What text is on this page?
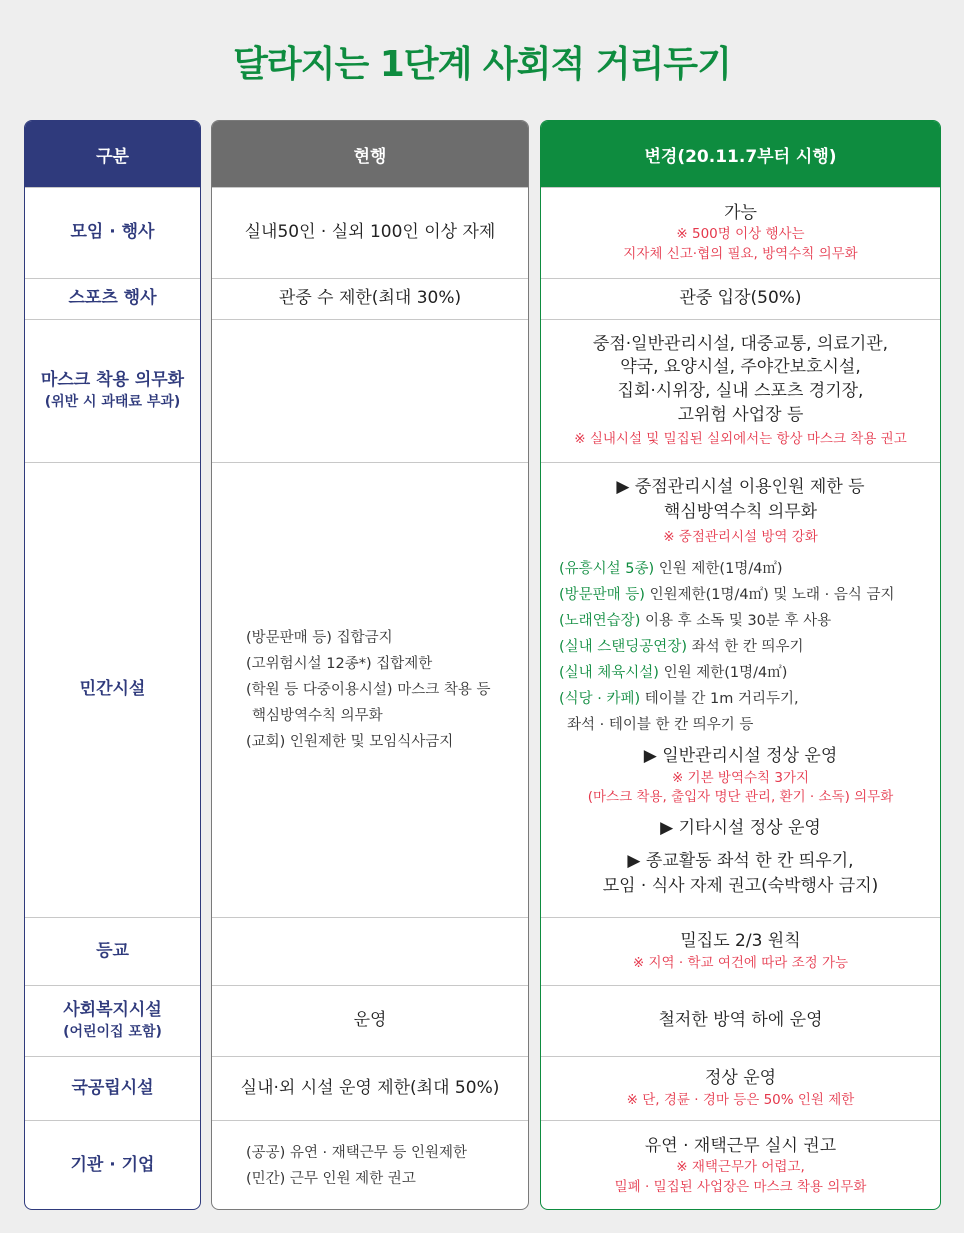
달라지는 1단계 사회적 거리두기
구분
모임 · 행사
스포츠 행사
마스크 착용 의무화
(위반 시 과태료 부과)
민간시설
등교
사회복지시설
(어린이집 포함)
국공립시설
기관 · 기업
현행
실내50인 · 실외 100인 이상 자제
관중 수 제한(최대 30%)
(방문판매 등) 집합금지
(고위험시설 12종*) 집합제한
(학원 등 다중이용시설) 마스크 착용 등
핵심방역수칙 의무화
(교회) 인원제한 및 모임식사금지
운영
실내·외 시설 운영 제한(최대 50%)
(공공) 유연 · 재택근무 등 인원제한
(민간) 근무 인원 제한 권고
변경(20.11.7부터 시행)
가능
※ 500명 이상 행사는
지자체 신고·협의 필요, 방역수칙 의무화
관중 입장(50%)
중점·일반관리시설, 대중교통, 의료기관,
약국, 요양시설, 주야간보호시설,
집회·시위장, 실내 스포츠 경기장,
고위험 사업장 등
※ 실내시설 및 밀집된 실외에서는 항상 마스크 착용 권고
▶ 중점관리시설 이용인원 제한 등
핵심방역수칙 의무화
※ 중점관리시설 방역 강화
(유흥시설 5종) 인원 제한(1명/4㎡)
(방문판매 등) 인원제한(1명/4㎡) 및 노래 · 음식 금지
(노래연습장) 이용 후 소독 및 30분 후 사용
(실내 스탠딩공연장) 좌석 한 칸 띄우기
(실내 체육시설) 인원 제한(1명/4㎡)
(식당 · 카페) 테이블 간 1m 거리두기,
좌석 · 테이블 한 칸 띄우기 등
▶ 일반관리시설 정상 운영
※ 기본 방역수칙 3가지
(마스크 착용, 출입자 명단 관리, 환기 · 소독) 의무화
▶ 기타시설 정상 운영
▶ 종교활동 좌석 한 칸 띄우기,
모임 · 식사 자제 권고(숙박행사 금지)
밀집도 2/3 원칙
※ 지역 · 학교 여건에 따라 조정 가능
철저한 방역 하에 운영
정상 운영
※ 단, 경륜 · 경마 등은 50% 인원 제한
유연 · 재택근무 실시 권고
※ 재택근무가 어렵고,
밀폐 · 밀집된 사업장은 마스크 착용 의무화
